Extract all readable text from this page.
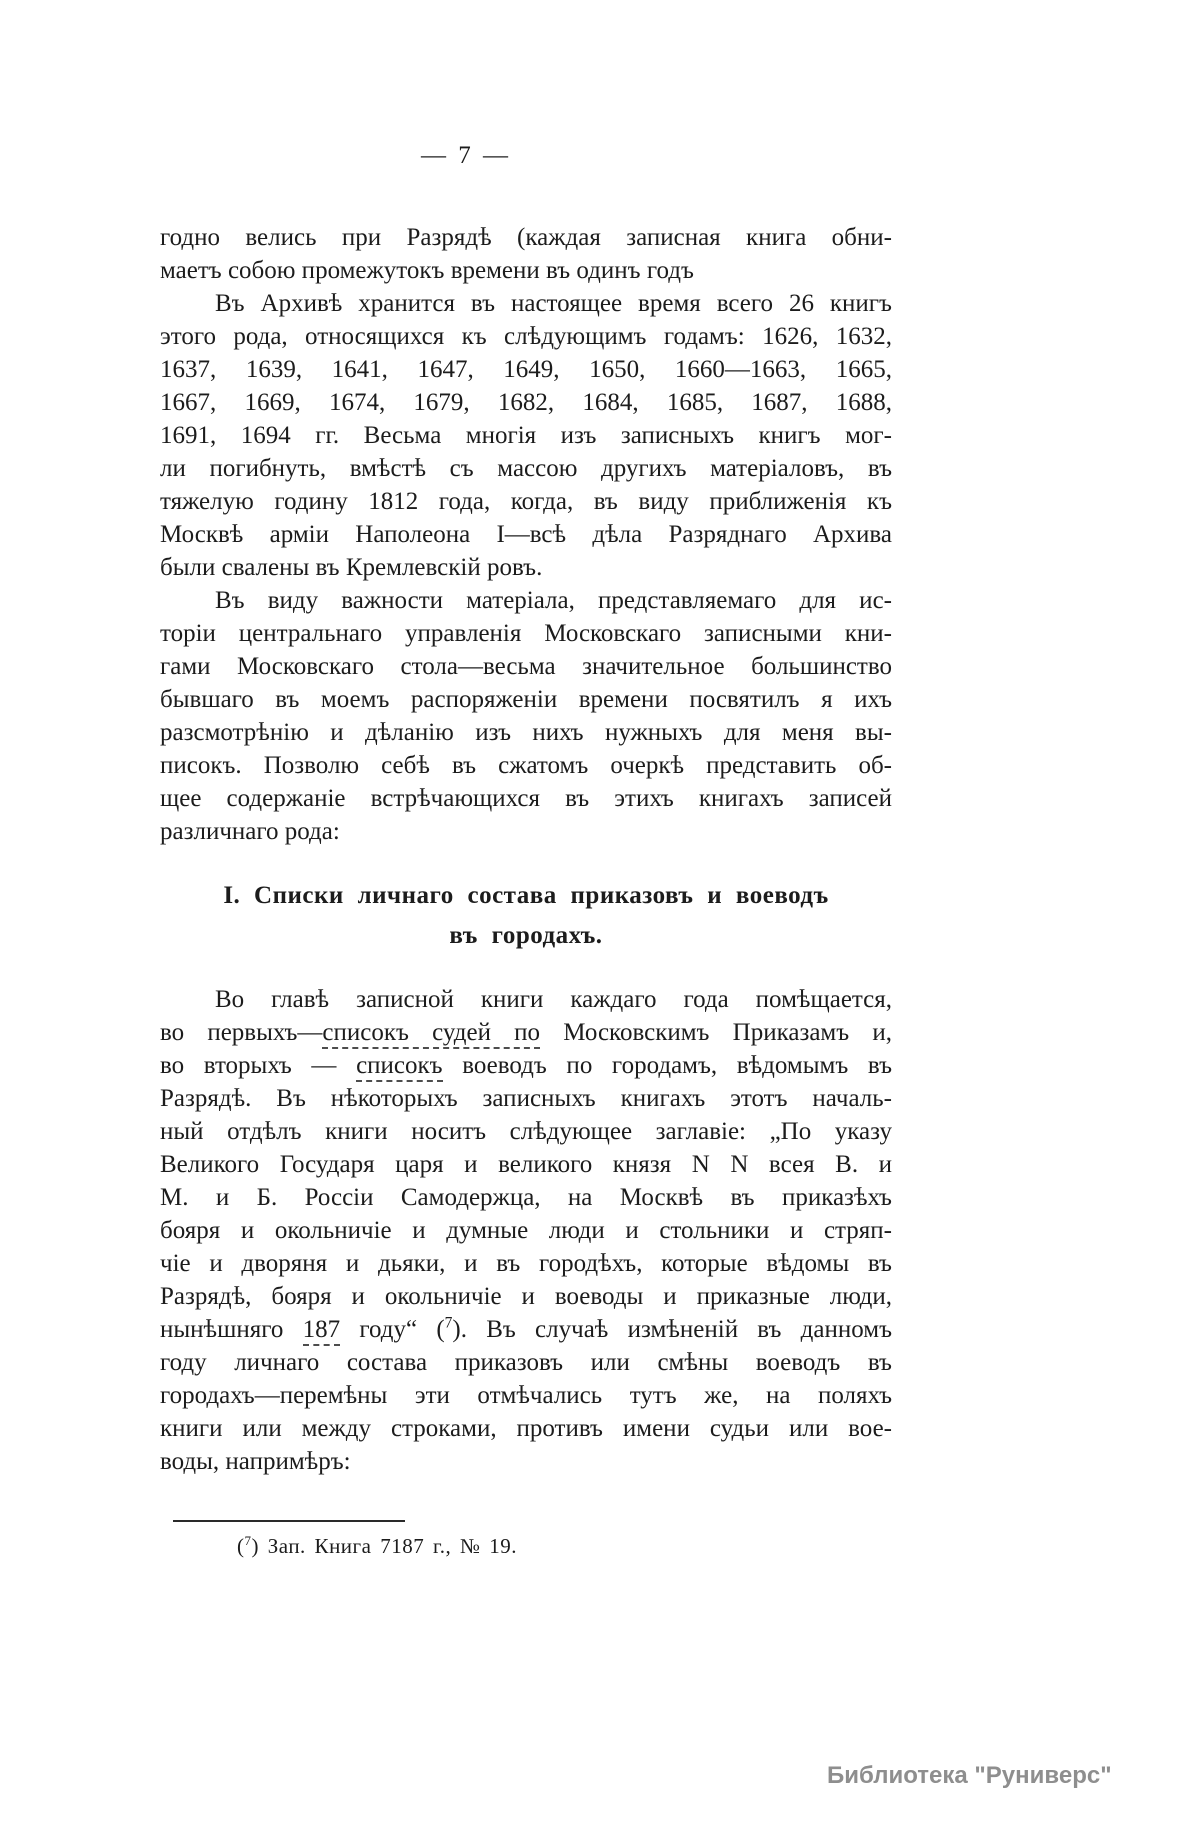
— 7 —
годно велись при Разрядѣ (каждая записная книга обни-
маетъ собою промежутокъ времени въ одинъ годъ
Въ Архивѣ хранится въ настоящее время всего 26 книгъ
этого рода, относящихся къ слѣдующимъ годамъ: 1626, 1632,
1637, 1639, 1641, 1647, 1649, 1650, 1660—1663, 1665,
1667, 1669, 1674, 1679, 1682, 1684, 1685, 1687, 1688,
1691, 1694 гг. Весьма многія изъ записныхъ книгъ мог-
ли погибнуть, вмѣстѣ съ массою другихъ матеріаловъ, въ
тяжелую годину 1812 года, когда, въ виду приближенія къ
Москвѣ арміи Наполеона I—всѣ дѣла Разряднаго Архива
были свалены въ Кремлевскій ровъ.
Въ виду важности матеріала, представляемаго для ис-
торіи центральнаго управленія Московскаго записными кни-
гами Московскаго стола—весьма значительное большинство
бывшаго въ моемъ распоряженіи времени посвятилъ я ихъ
разсмотрѣнію и дѣланію изъ нихъ нужныхъ для меня вы-
писокъ. Позволю себѣ въ сжатомъ очеркѣ представить об-
щее содержаніе встрѣчающихся въ этихъ книгахъ записей
различнаго рода:
I. Списки личнаго состава приказовъ и воеводъ
въ городахъ.
Во главѣ записной книги каждаго года помѣщается,
во первыхъ—списокъ судей по Московскимъ Приказамъ и,
во вторыхъ — списокъ воеводъ по городамъ, вѣдомымъ въ
Разрядѣ. Въ нѣкоторыхъ записныхъ книгахъ этотъ началь-
ный отдѣлъ книги носитъ слѣдующее заглавіе: „По указу
Великого Государя царя и великого князя N N всея В. и
М. и Б. Россіи Самодержца, на Москвѣ въ приказѣхъ
бояря и окольничіе и думные люди и стольники и стряп-
чіе и дворяня и дьяки, и въ городѣхъ, которые вѣдомы въ
Разрядѣ, бояря и окольничіе и воеводы и приказные люди,
нынѣшняго 187 году“ ($^7$). Въ случаѣ измѣненій въ данномъ
году личнаго состава приказовъ или смѣны воеводъ въ
городахъ—перемѣны эти отмѣчались тутъ же, на поляхъ
книги или между строками, противъ имени судьи или вое-
воды, напримѣръ:
($^7$) Зап. Книга 7187 г., № 19.
Библиотека "Руниверс"
